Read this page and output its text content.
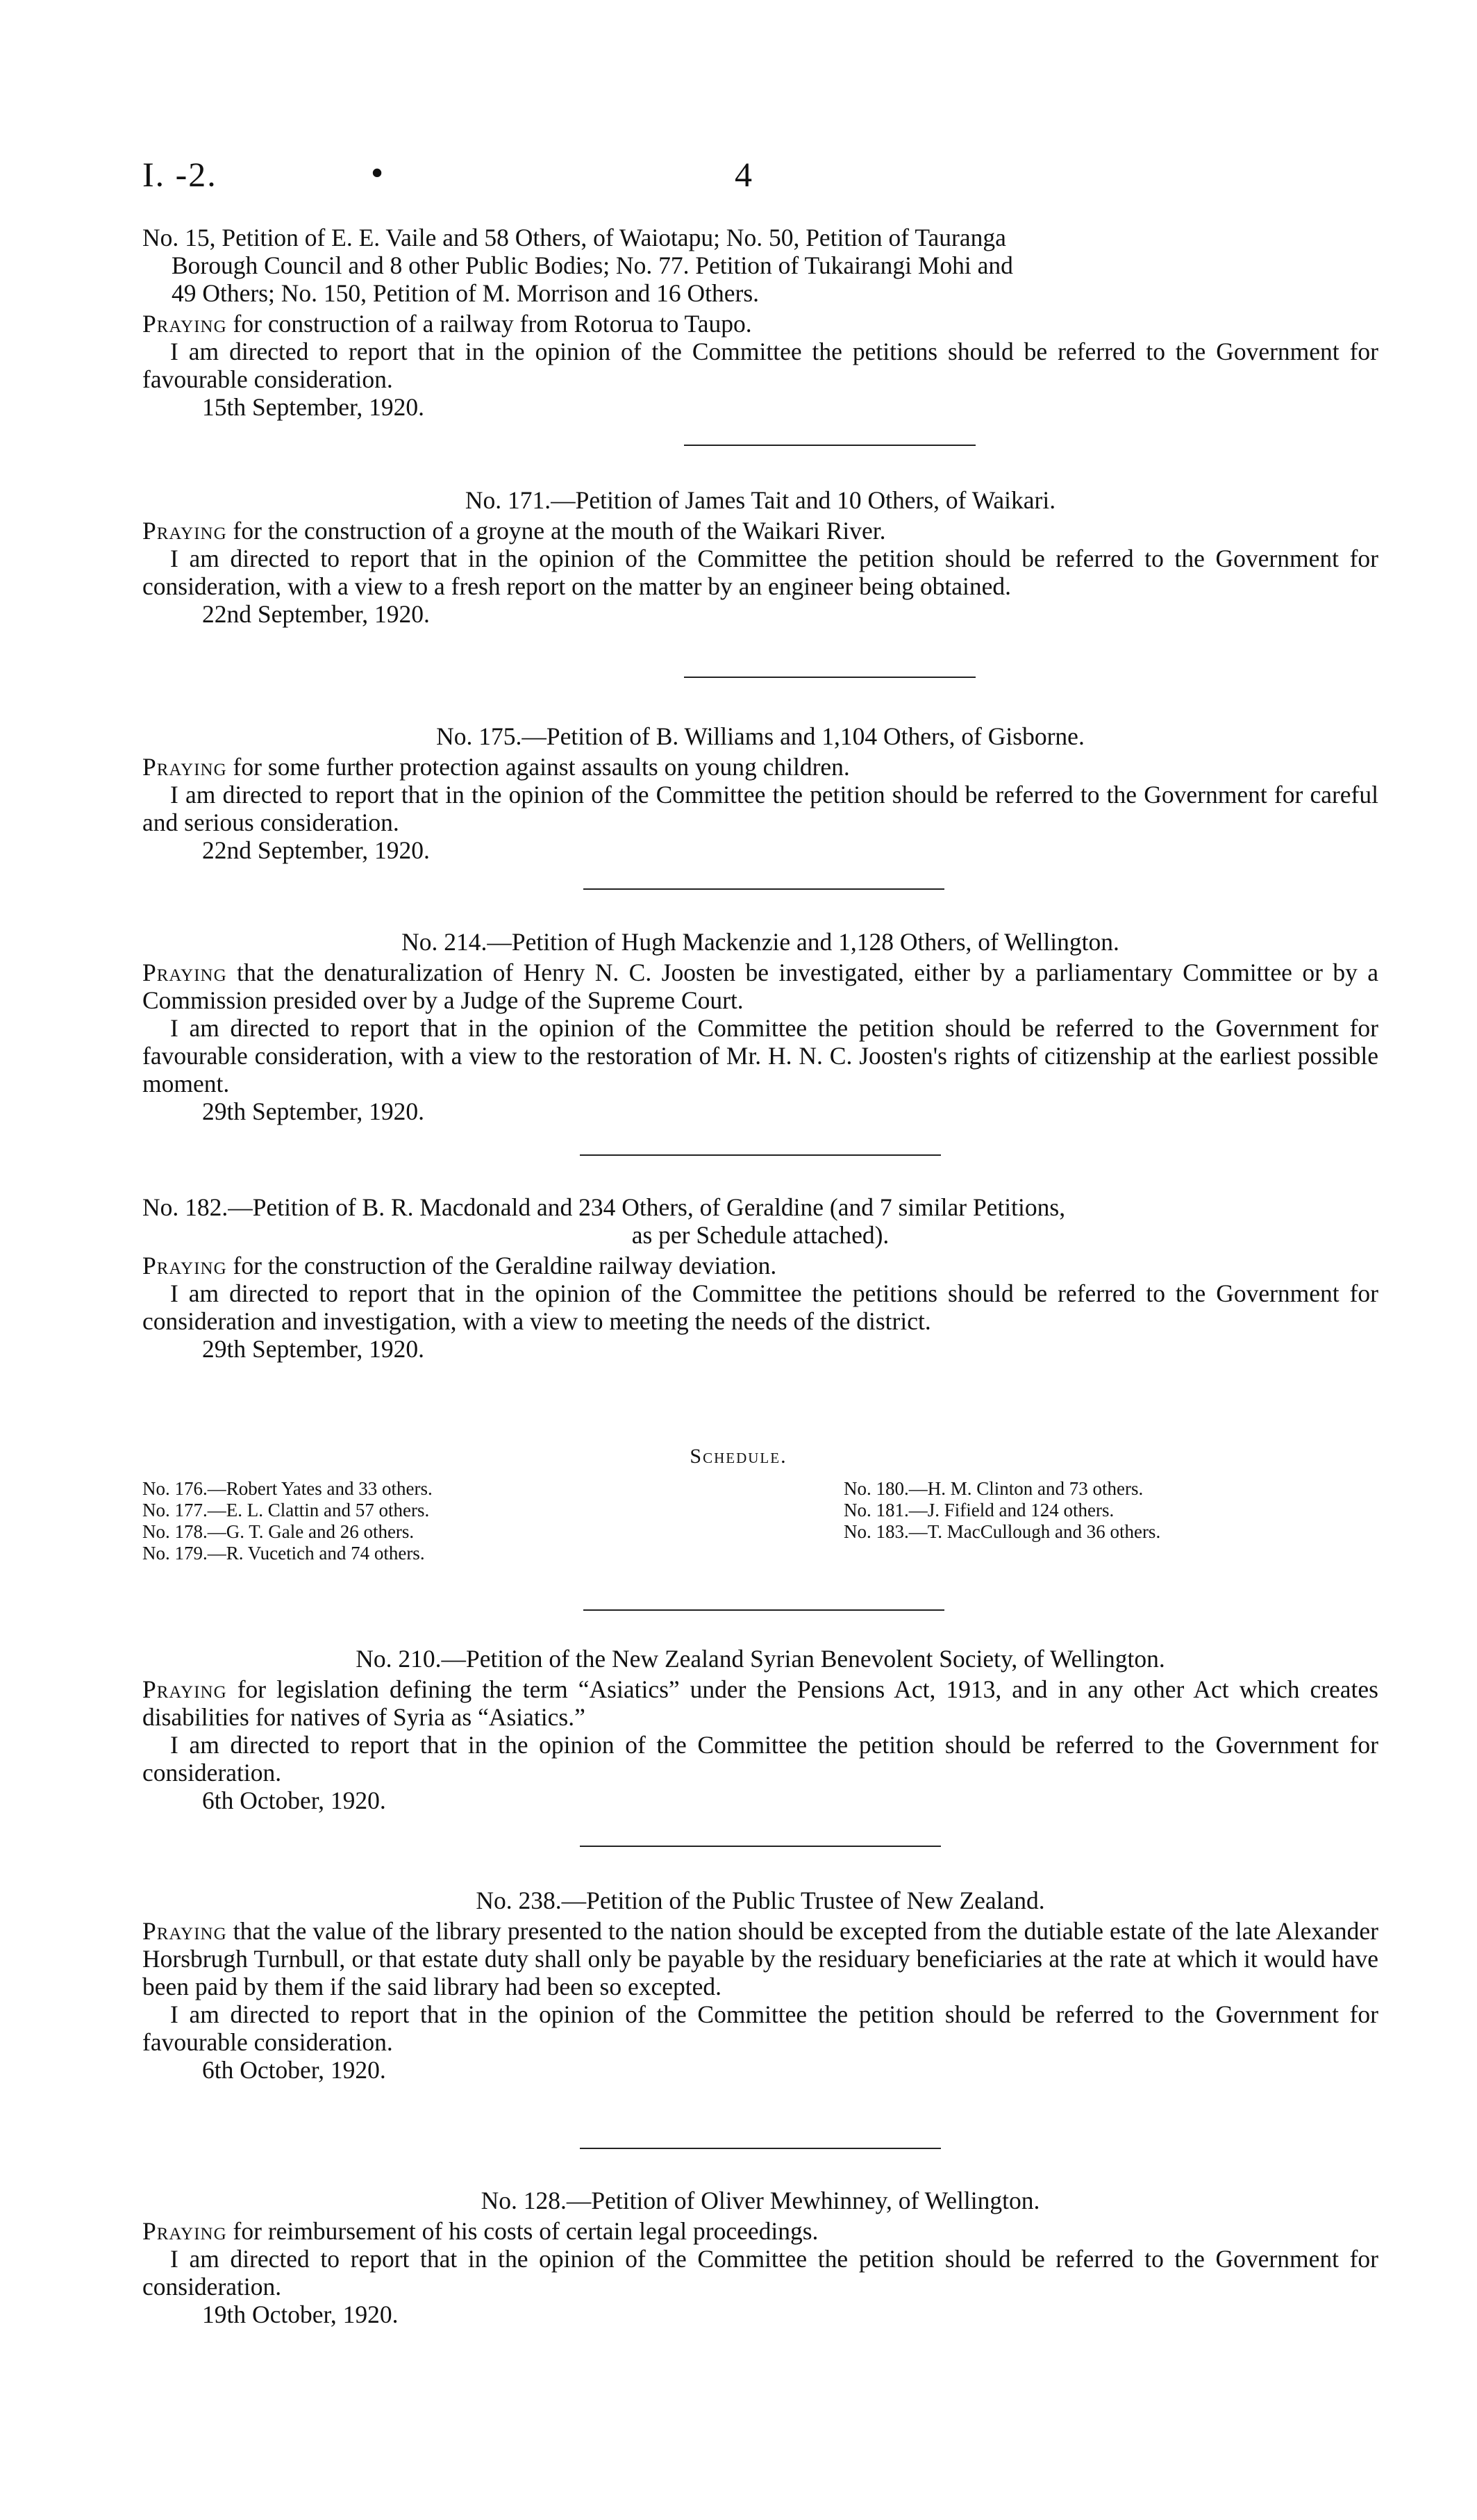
I. -2.	•	4
No. 15, Petition of E. E. Vaile and 58 Others, of Waiotapu; No. 50, Petition of Tauranga
Borough Council and 8 other Public Bodies; No. 77. Petition of Tukairangi Mohi and
49 Others; No. 150, Petition of M. Morrison and 16 Others.
Praying for construction of a railway from Rotorua to Taupo.
I am directed to report that in the opinion of the Committee the petitions should be referred to the Government for favourable consideration.
15th September, 1920.
No. 171.—Petition of James Tait and 10 Others, of Waikari.
Praying for the construction of a groyne at the mouth of the Waikari River.
I am directed to report that in the opinion of the Committee the petition should be referred to the Government for consideration, with a view to a fresh report on the matter by an engineer being obtained.
22nd September, 1920.
No. 175.—Petition of B. Williams and 1,104 Others, of Gisborne.
Praying for some further protection against assaults on young children.
I am directed to report that in the opinion of the Committee the petition should be referred to the Government for careful and serious consideration.
22nd September, 1920.
No. 214.—Petition of Hugh Mackenzie and 1,128 Others, of Wellington.
Praying that the denaturalization of Henry N. C. Joosten be investigated, either by a parliamentary Committee or by a Commission presided over by a Judge of the Supreme Court.
I am directed to report that in the opinion of the Committee the petition should be referred to the Government for favourable consideration, with a view to the restoration of Mr. H. N. C. Joosten's rights of citizenship at the earliest possible moment.
29th September, 1920.
No. 182.—Petition of B. R. Macdonald and 234 Others, of Geraldine (and 7 similar Petitions,
as per Schedule attached).
Praying for the construction of the Geraldine railway deviation.
I am directed to report that in the opinion of the Committee the petitions should be referred to the Government for consideration and investigation, with a view to meeting the needs of the district.
29th September, 1920.
Schedule.
No. 176.—Robert Yates and 33 others.
No. 177.—E. L. Clattin and 57 others.
No. 178.—G. T. Gale and 26 others.
No. 179.—R. Vucetich and 74 others.
No. 180.—H. M. Clinton and 73 others.
No. 181.—J. Fifield and 124 others.
No. 183.—T. MacCullough and 36 others.
No. 210.—Petition of the New Zealand Syrian Benevolent Society, of Wellington.
Praying for legislation defining the term “Asiatics” under the Pensions Act, 1913, and in any other Act which creates disabilities for natives of Syria as “Asiatics.”
I am directed to report that in the opinion of the Committee the petition should be referred to the Government for consideration.
6th October, 1920.
No. 238.—Petition of the Public Trustee of New Zealand.
Praying that the value of the library presented to the nation should be excepted from the dutiable estate of the late Alexander Horsbrugh Turnbull, or that estate duty shall only be payable by the residuary beneficiaries at the rate at which it would have been paid by them if the said library had been so excepted.
I am directed to report that in the opinion of the Committee the petition should be referred to the Government for favourable consideration.
6th October, 1920.
No. 128.—Petition of Oliver Mewhinney, of Wellington.
Praying for reimbursement of his costs of certain legal proceedings.
I am directed to report that in the opinion of the Committee the petition should be referred to the Government for consideration.
19th October, 1920.
